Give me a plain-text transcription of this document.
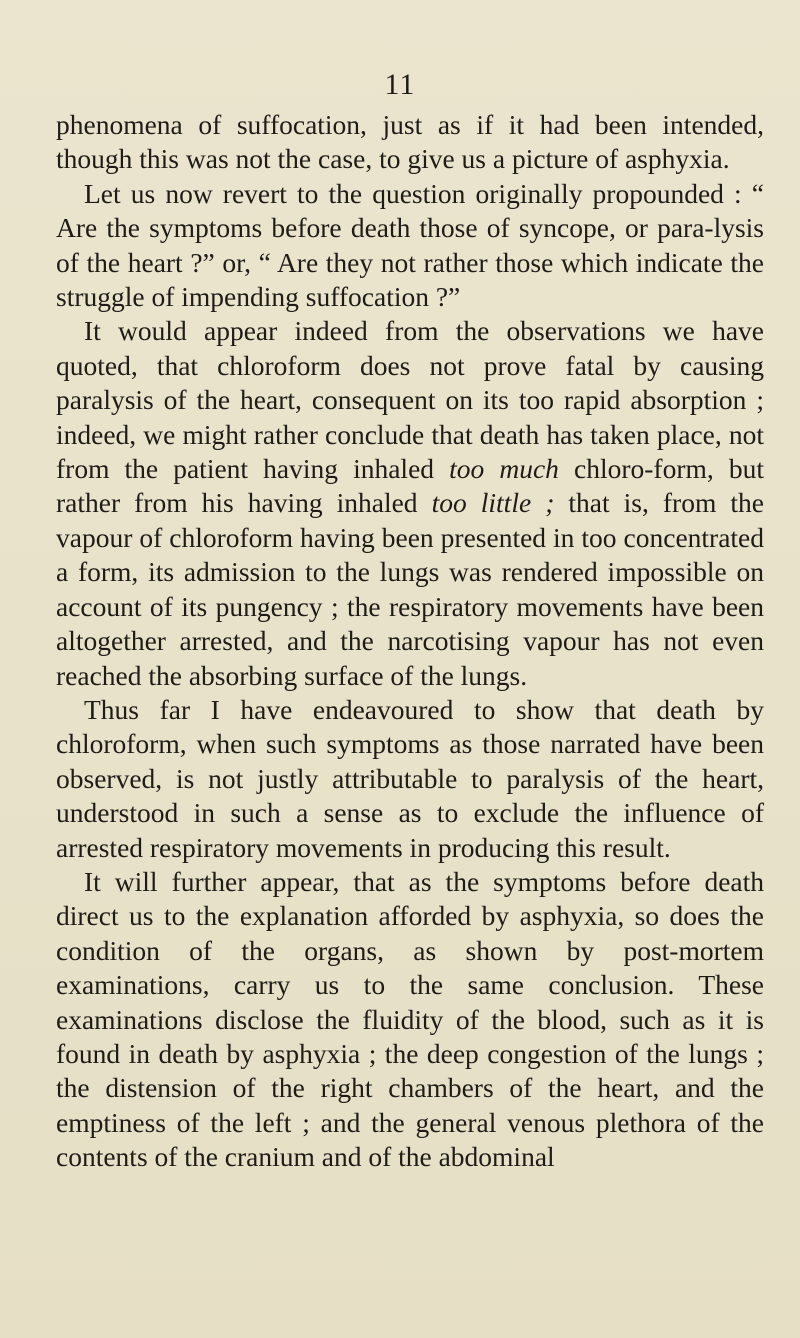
11

phenomena of suffocation, just as if it had been intended, though this was not the case, to give us a picture of asphyxia.

Let us now revert to the question originally propounded : “ Are the symptoms before death those of syncope, or para-lysis of the heart ?” or, “ Are they not rather those which indicate the struggle of impending suffocation ?”

It would appear indeed from the observations we have quoted, that chloroform does not prove fatal by causing paralysis of the heart, consequent on its too rapid absorption ; indeed, we might rather conclude that death has taken place, not from the patient having inhaled too much chloro-form, but rather from his having inhaled too little ; that is, from the vapour of chloroform having been presented in too concentrated a form, its admission to the lungs was rendered impossible on account of its pungency ; the respiratory movements have been altogether arrested, and the narcotising vapour has not even reached the absorbing surface of the lungs.

Thus far I have endeavoured to show that death by chloroform, when such symptoms as those narrated have been observed, is not justly attributable to paralysis of the heart, understood in such a sense as to exclude the influence of arrested respiratory movements in producing this result.

It will further appear, that as the symptoms before death direct us to the explanation afforded by asphyxia, so does the condition of the organs, as shown by post-mortem examinations, carry us to the same conclusion. These examinations disclose the fluidity of the blood, such as it is found in death by asphyxia ; the deep congestion of the lungs ; the distension of the right chambers of the heart, and the emptiness of the left ; and the general venous plethora of the contents of the cranium and of the abdominal
